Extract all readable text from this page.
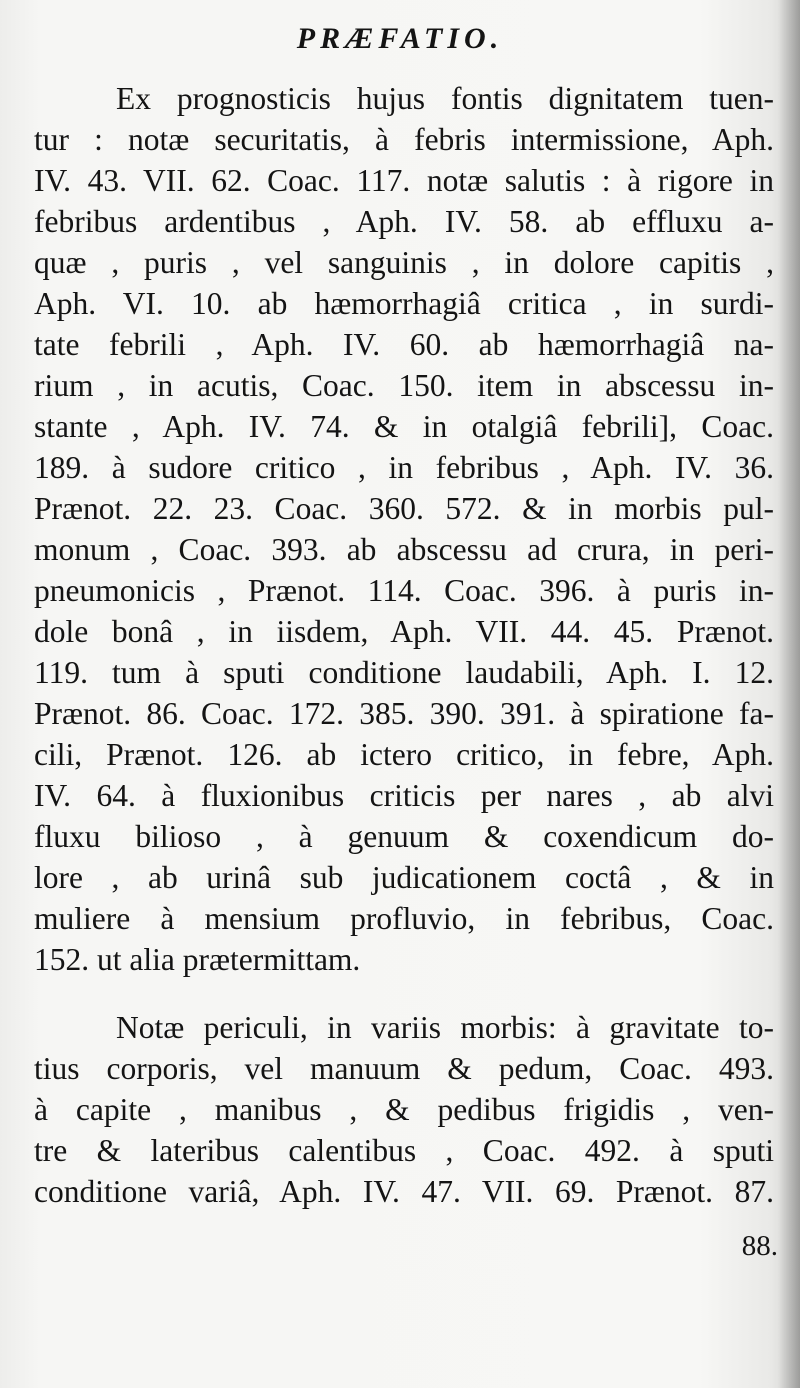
PRÆFATIO.
Ex prognosticis hujus fontis dignitatem tuen-
tur : notæ securitatis, à febris intermissione, Aph.
IV. 43. VII. 62. Coac. 117. notæ salutis : à rigore in
febribus ardentibus , Aph. IV. 58. ab effluxu a-
quæ , puris , vel sanguinis , in dolore capitis ,
Aph. VI. 10. ab hæmorrhagiâ critica , in surdi-
tate febrili , Aph. IV. 60. ab hæmorrhagiâ na-
rium , in acutis, Coac. 150. item in abscessu in-
stante , Aph. IV. 74. & in otalgiâ febrili], Coac.
189. à sudore critico , in febribus , Aph. IV. 36.
Prænot. 22. 23. Coac. 360. 572. & in morbis pul-
monum , Coac. 393. ab abscessu ad crura, in peri-
pneumonicis , Prænot. 114. Coac. 396. à puris in-
dole bonâ , in iisdem, Aph. VII. 44. 45. Prænot.
119. tum à sputi conditione laudabili, Aph. I. 12.
Prænot. 86. Coac. 172. 385. 390. 391. à spiratione fa-
cili, Prænot. 126. ab ictero critico, in febre, Aph.
IV. 64. à fluxionibus criticis per nares , ab alvi
fluxu bilioso , à genuum & coxendicum do-
lore , ab urinâ sub judicationem coctâ , & in
muliere à mensium profluvio, in febribus, Coac.
152. ut alia prætermittam.
Notæ periculi, in variis morbis: à gravitate to-
tius corporis, vel manuum & pedum, Coac. 493.
à capite , manibus , & pedibus frigidis , ven-
tre & lateribus calentibus , Coac. 492. à sputi
conditione variâ, Aph. IV. 47. VII. 69. Prænot. 87.
88.
